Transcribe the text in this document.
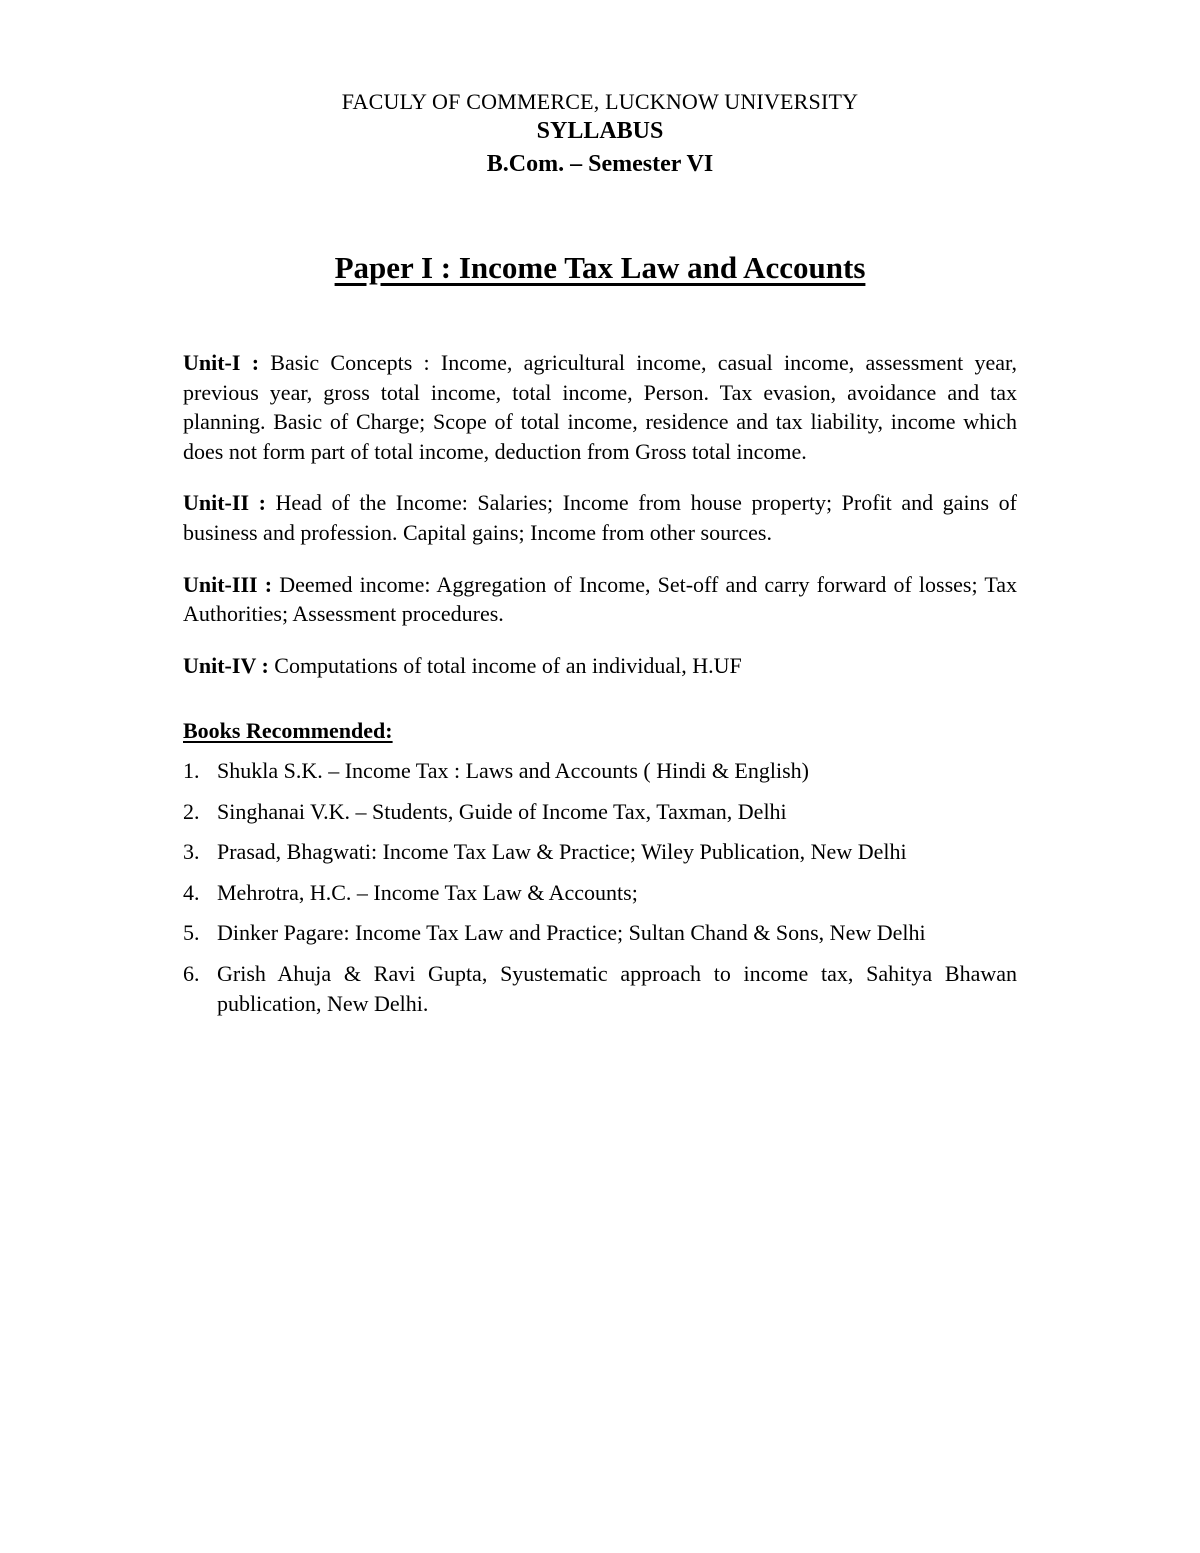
FACULY OF COMMERCE, LUCKNOW UNIVERSITY
SYLLABUS
B.Com. – Semester VI
Paper I : Income Tax Law and Accounts

Unit-I : Basic Concepts : Income, agricultural income, casual income, assessment year, previous year, gross total income, total income, Person. Tax evasion, avoidance and tax planning. Basic of Charge; Scope of total income, residence and tax liability, income which does not form part of total income, deduction from Gross total income.

Unit-II : Head of the Income: Salaries; Income from house property; Profit and gains of business and profession. Capital gains; Income from other sources.

Unit-III : Deemed income: Aggregation of Income, Set-off and carry forward of losses; Tax Authorities; Assessment procedures.

Unit-IV : Computations of total income of an individual, H.UF

Books Recommended:
1. Shukla S.K. – Income Tax : Laws and Accounts ( Hindi & English)
2. Singhanai V.K. – Students, Guide of Income Tax, Taxman, Delhi
3. Prasad, Bhagwati: Income Tax Law & Practice; Wiley Publication, New Delhi
4. Mehrotra, H.C. – Income Tax Law & Accounts;
5. Dinker Pagare: Income Tax Law and Practice; Sultan Chand & Sons, New Delhi
6. Grish Ahuja & Ravi Gupta, Syustematic approach to income tax, Sahitya Bhawan publication, New Delhi.
